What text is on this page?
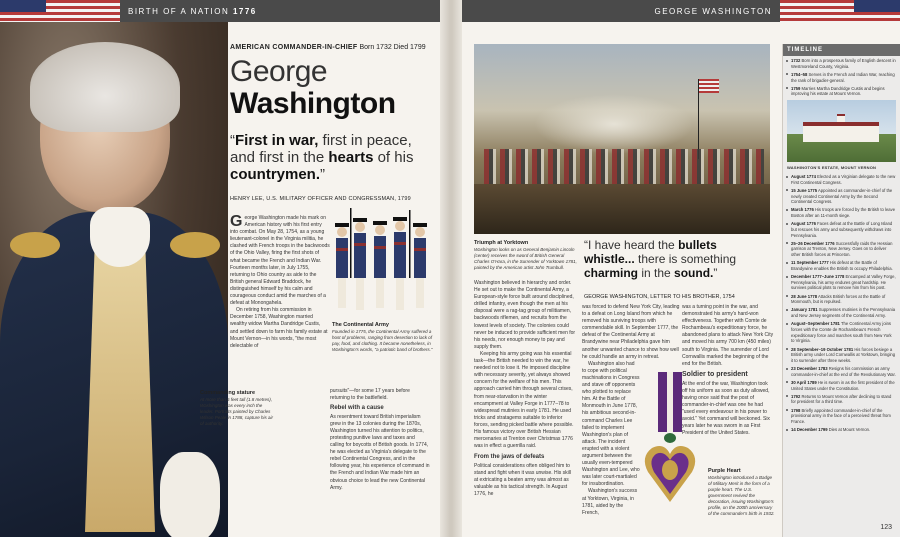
BIRTH OF A NATION 1776	GEORGE WASHINGTON
Commanding stature
At more than 6 feet tall (1.8 metres), Washington was every inch the leader. Portraits painted by Charles Wilson Peale in 1788, capture his air of authority.
AMERICAN COMMANDER-IN-CHIEF Born 1732 Died 1799
George
Washington
“First in war, first in peace, and first in the hearts of his countrymen.”
HENRY LEE, U.S. MILITARY OFFICER AND CONGRESSMAN, 1799

George Washington made his mark on American history with his first entry into combat. On May 28, 1754, as a young lieutenant-colonel in the Virginia militia, he clashed with French troops in the backwoods of the Ohio Valley, firing the first shots of what became the French and Indian War. Fourteen months later, in July 1755, returning to Ohio country as aide to the British general Edward Braddock, he distinguished himself by his calm and courageous conduct amid the marches of a defeat at Monongahela.

On retiring from his commission in December 1758, Washington married wealthy widow Martha Dandridge Custis, and settled down to farm his family estate at Mount Vernon—in his words, "the most delectable of

The Continental Army
Founded in 1775, the Continental Army suffered a host of problems, ranging from desertion to lack of pay, food, and clothing. It became nonetheless, in Washington's words, "a patriotic band of brothers."

pursuits"—for some 17 years before returning to the battlefield.

Rebel with a cause

As resentment toward British imperialism grew in the 13 colonies during the 1870s, Washington turned his attention to politics, protesting punitive laws and taxes and calling for boycotts of British goods. In 1774, he was elected as Virginia's delegate to the rebel Continental Congress, and in the following year, his experience of command in the French and Indian War made him an obvious choice to lead the new Continental Army.

Triumph at Yorktown
Washington looks on as General Benjamin Lincoln (center) receives the sword of British General Charles O'Hara, in the Surrender of Yorktown 1781, painted by the American artist John Trumbull.

Washington believed in hierarchy and order. He set out to make the Continental Army, a European-style force built around disciplined, drilled infantry, even though the men at his disposal were a rag-tag group of militiamen, backwoods riflemen, and recruits from the lowest levels of society. The colonies could never be induced to provide sufficient men for his needs, nor enough money to pay and supply them.

Keeping his army going was his essential task—the British needed to win the war, he needed not to lose it. He imposed discipline with necessary severity, yet always showed concern for the welfare of his men. This approach carried him through several crises, from near-starvation in the winter encampment at Valley Forge in 1777–78 to widespread mutinies in early 1781. He used tricks and stratagems suitable to inferior forces, sending picked battle where possible. His famous victory over British Hessian mercenaries at Trenton over Christmas 1776 was in effect a guerrilla raid.

From the jaws of defeats

Political considerations often obliged him to stand and fight when it was unwise. His skill at extricating a beaten army was almost as valuable as his tactical strength. In August 1776, he

“I have heard the bullets whistle... there is something charming in the sound.”
GEORGE WASHINGTON, LETTER TO HIS BROTHER, 1754

was forced to defend New York City, leading to a defeat on Long Island from which he removed his surviving troops with commendable skill. In September 1777, the defeat of the Continental Army at Brandywine near Philadelphia gave him another unwanted chance to show how well he could handle an army in retreat.

Washington also had to cope with political machinations in Congress and stave off opponents who plotted to replace him. At the Battle of Monmouth in June 1778, his ambitious second-in-command Charles Lee failed to implement Washington's plan of attack. The incident erupted with a violent argument between the usually even-tempered Washington and Lee, who was later court-martialed for insubordination.

Washington's success at Yorktown, Virginia, in 1781, aided by the French,

was a turning point in the war, and demonstrated his army's hard-won effectiveness. Together with Comte de Rochambeau's expeditionary force, he abandoned plans to attack New York City and moved his army 700 km (450 miles) south to Virginia. The surrender of Lord Cornwallis marked the beginning of the end for the British.

Soldier to president

At the end of the war, Washington took off his uniform as soon as duty allowed, having once said that the post of commander-in-chief was one he had "used every endeavour in his power to avoid." Yet command will beckoned. Six years later he was sworn in as First President of the United States.

Purple Heart
Washington introduced a Badge of Military Merit in the form of a purple heart. The U.S. government revived the decoration, issuing Washington's profile, on the 200th anniversary of the commander's birth in 1932.
TIMELINE
1732 Born into a prosperous family of English descent in Westmoreland County, Virginia.
1754–58 Serves in the French and Indian War, reaching the rank of brigadier-general.
1759 Marries Martha Dandridge Custis and begins improving his estate at Mount Vernon.
WASHINGTON'S ESTATE, MOUNT VERNON
August 1774 Elected as a Virginian delegate to the new First Continental Congress.
15 June 1775 Appointed as commander-in-chief of the newly created Continental Army by the Second Continental Congress.
March 1776 His troops are forced by the British to leave Boston after an 11-month siege.
August 1776 Faces defeat at the Battle of Long Island but rescues his army and subsequently withdraws into Pennsylvania.
25–26 December 1776 Successfully raids the Hessian garrison at Trenton, New Jersey. Goes on to deliver other British forces at Princeton.
11 September 1777 His defeat at the Battle of Brandywine enables the British to occupy Philadelphia.
December 1777–June 1778 Encamped at Valley Forge, Pennsylvania, his army endures great hardship. He survives political plots to remove him from his post.
28 June 1778 Attacks British forces at the Battle of Monmouth, but is repulsed.
January 1781 Suppresses mutinies in the Pennsylvania and New Jersey segments of the Continental Army.
August–September 1781 The Continental Army joins forces with the Comte de Rochambeau's French expeditionary force and marches south from New York to Virginia.
28 September–19 October 1781 His forces besiege a British army under Lord Cornwallis at Yorktown, bringing it to surrender after three weeks.
23 December 1783 Resigns his commission as army commander-in-chief at the end of the Revolutionary War.
30 April 1789 He is sworn in as the first president of the United States under the Constitution.
1792 Returns to Mount Vernon after declining to stand for president for a third time.
1798 Briefly appointed commander-in-chief of the provisional army in the face of a perceived threat from France.
14 December 1799 Dies at Mount Vernon.
123
